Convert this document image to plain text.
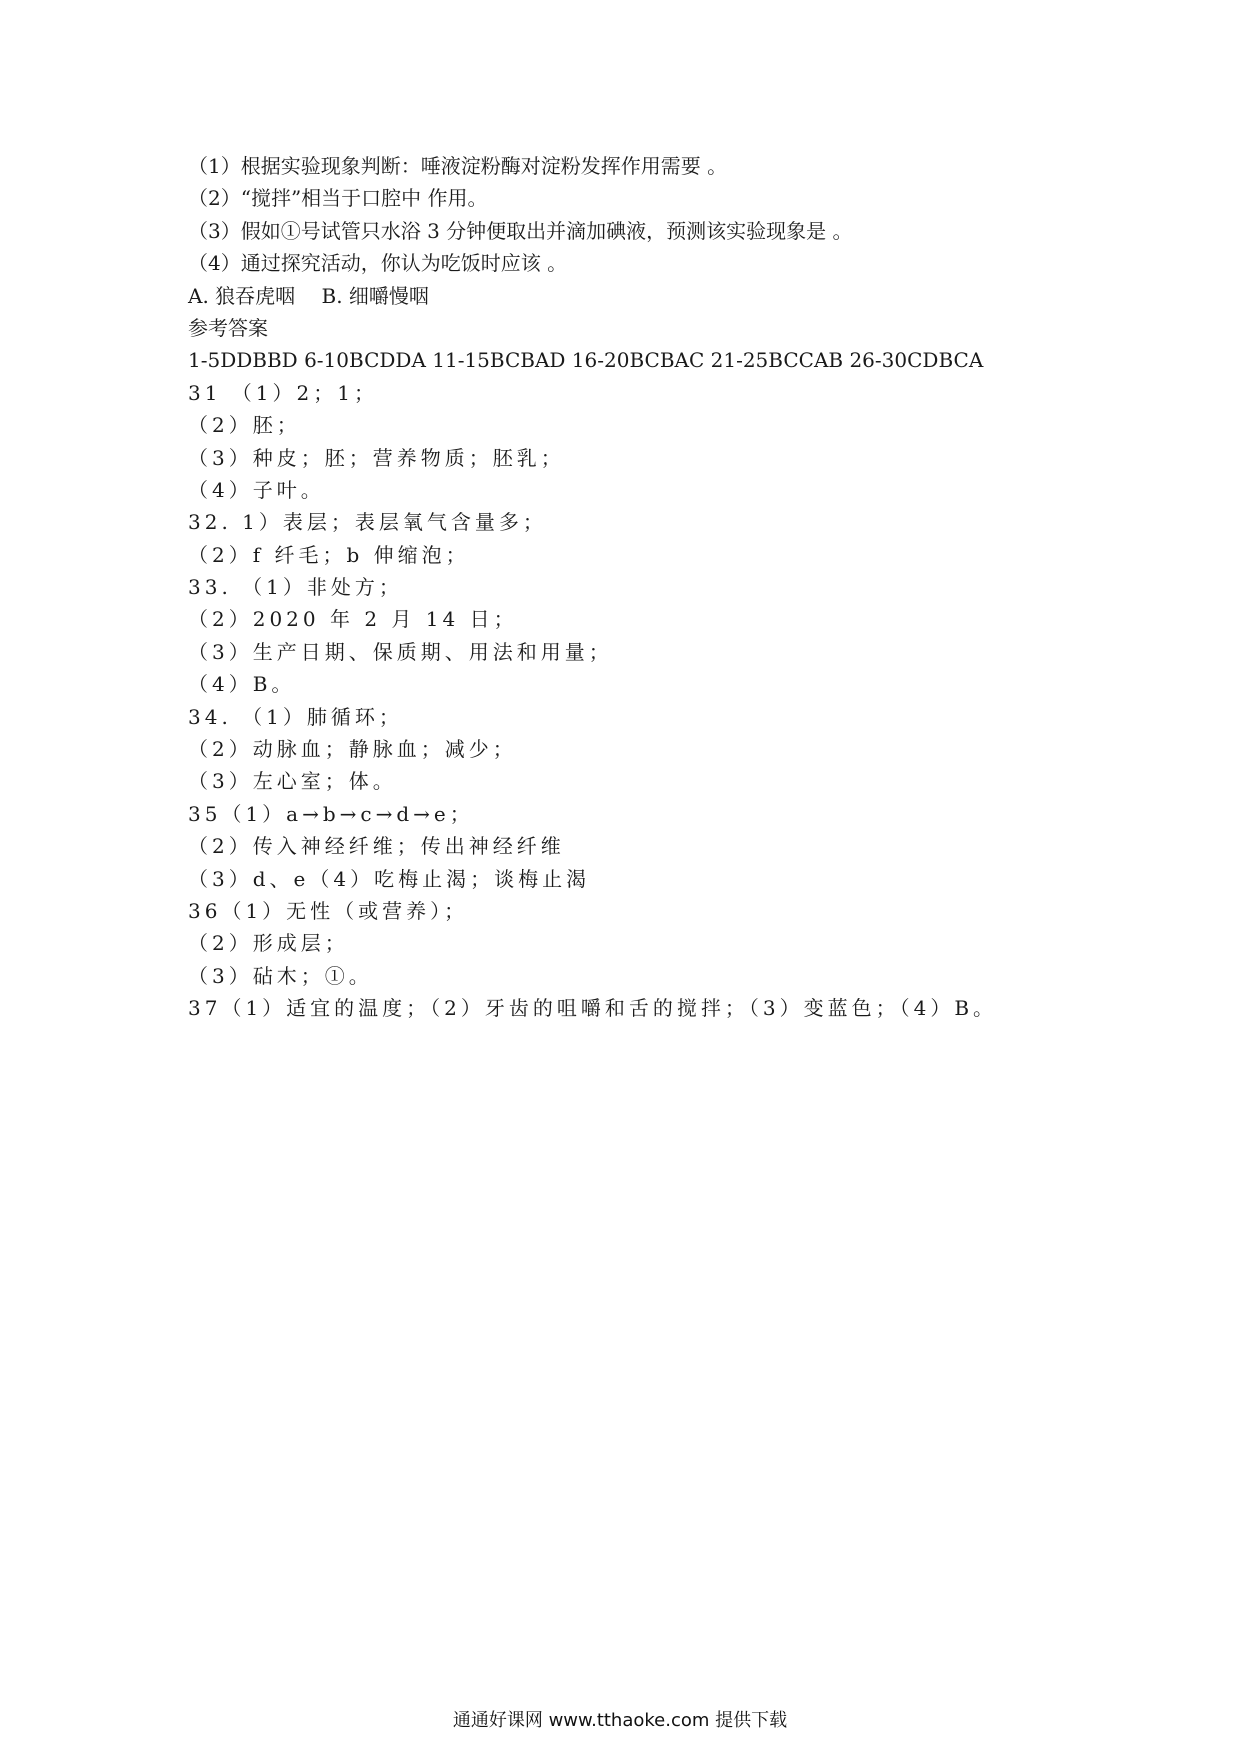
（1）根据实验现象判断：唾液淀粉酶对淀粉发挥作用需要 。
（2）“搅拌”相当于口腔中 作用。
（3）假如①号试管只水浴 3 分钟便取出并滴加碘液，预测该实验现象是 。
（4）通过探究活动，你认为吃饭时应该 。
A. 狼吞虎咽　 B. 细嚼慢咽
参考答案
1-5DDBBD 6-10BCDDA 11-15BCBAD 16-20BCBAC 21-25BCCAB 26-30CDBCA
31 （1）2；1；
（2）胚；
（3）种皮；胚；营养物质；胚乳；
（4）子叶。
32. 1）表层；表层氧气含量多；
（2）f 纤毛；b 伸缩泡；
33. （1）非处方；
（2）2020 年 2 月 14 日；
（3）生产日期、保质期、用法和用量；
（4）B。
34. （1）肺循环；
（2）动脉血；静脉血；减少；
（3）左心室；体。
35（1）a→b→c→d→e；
（2）传入神经纤维；传出神经纤维
（3）d、e（4）吃梅止渴；谈梅止渴
36（1）无性（或营养）；
（2）形成层；
（3）砧木；①。
37（1）适宜的温度；（2）牙齿的咀嚼和舌的搅拌；（3）变蓝色；（4）B。
通通好课网 www.tthaoke.com 提供下载
